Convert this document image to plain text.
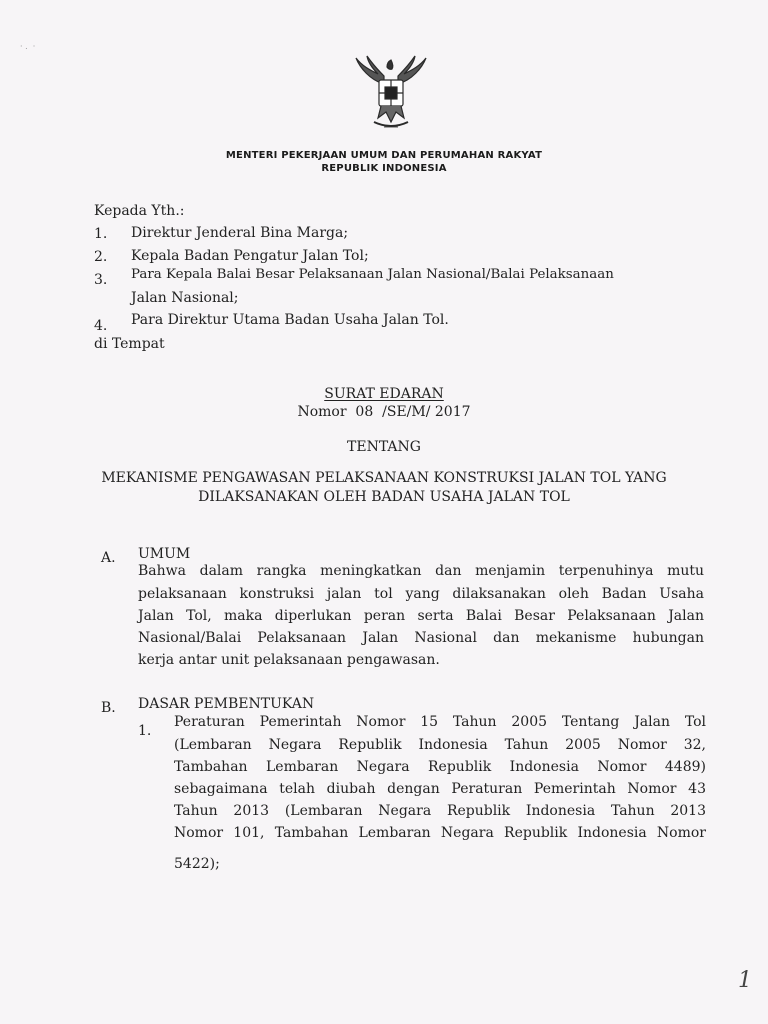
· .  ·
MENTERI PEKERJAAN UMUM DAN PERUMAHAN RAKYAT
REPUBLIK INDONESIA
Kepada Yth.:
1. Direktur Jenderal Bina Marga;
2. Kepala Badan Pengatur Jalan Tol;
3. Para Kepala Balai Besar Pelaksanaan Jalan Nasional/Balai Pelaksanaan
Jalan Nasional;
4. Para Direktur Utama Badan Usaha Jalan Tol.
di Tempat
SURAT EDARAN
Nomor  08  /SE/M/ 2017
TENTANG
MEKANISME PENGAWASAN PELAKSANAAN KONSTRUKSI JALAN TOL YANG
DILAKSANAKAN OLEH BADAN USAHA JALAN TOL
A. UMUM
Bahwa dalam rangka meningkatkan dan menjamin terpenuhinya mutu
pelaksanaan konstruksi jalan tol yang dilaksanakan oleh Badan Usaha
Jalan Tol, maka diperlukan peran serta Balai Besar Pelaksanaan Jalan
Nasional/Balai Pelaksanaan Jalan Nasional dan mekanisme hubungan
kerja antar unit pelaksanaan pengawasan.
B. DASAR PEMBENTUKAN
1.
Peraturan Pemerintah Nomor 15 Tahun 2005 Tentang Jalan Tol
(Lembaran Negara Republik Indonesia Tahun 2005 Nomor 32,
Tambahan Lembaran Negara Republik Indonesia Nomor 4489)
sebagaimana telah diubah dengan Peraturan Pemerintah Nomor 43
Tahun 2013 (Lembaran Negara Republik Indonesia Tahun 2013
Nomor 101, Tambahan Lembaran Negara Republik Indonesia Nomor
5422);
1
